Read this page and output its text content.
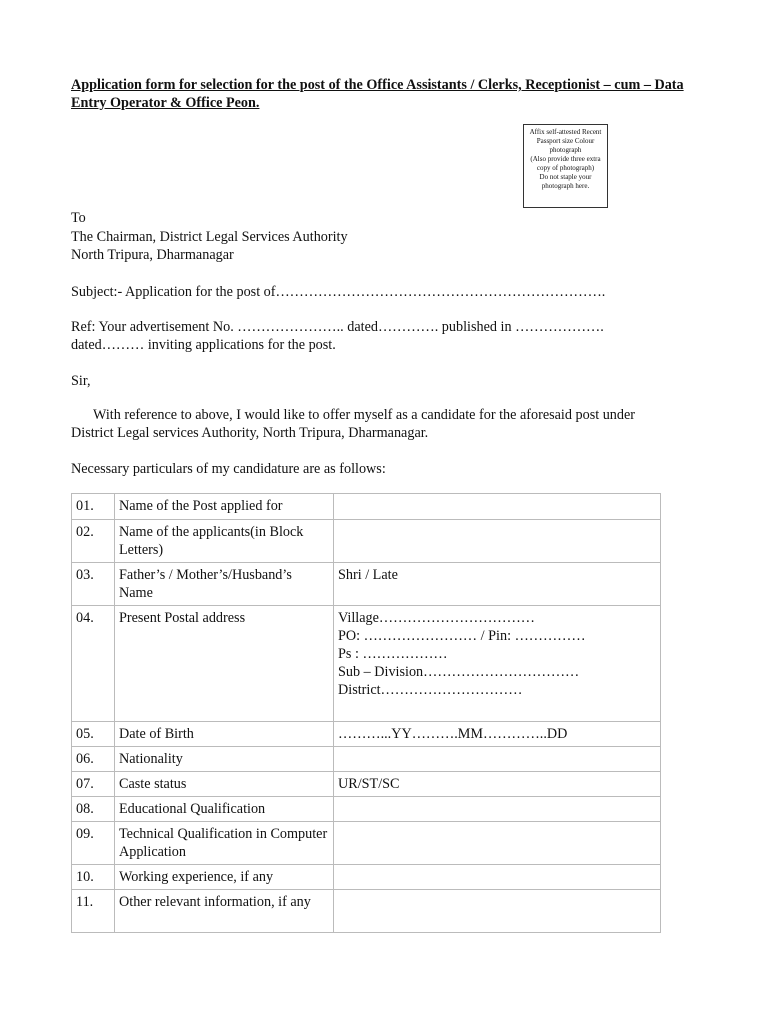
Application form for selection for the post of the Office Assistants / Clerks, Receptionist – cum – Data Entry Operator & Office Peon.
Affix self-attested Recent
Passport size Colour
photograph
(Also provide three extra
copy of photograph)
Do not staple your
photograph here.
To
The Chairman, District Legal Services Authority
North Tripura, Dharmanagar
Subject:- Application for the post of…………………………………………………………….
Ref: Your advertisement No. ………………….. dated…………. published in ……………….
dated……… inviting applications for the post.
Sir,
With reference to above, I would like to offer myself as a candidate for the aforesaid post under
District Legal services Authority, North Tripura, Dharmanagar.
Necessary particulars of my candidature are as follows:
01.	Name of the Post applied for	
02.	Name of the applicants(in Block Letters)	
03.	Father’s / Mother’s/Husband’s Name	Shri / Late
04.	Present Postal address	Village……………………………
PO: …………………… / Pin: ……………
Ps : ………………
Sub – Division……………………………
District…………………………

05.	Date of Birth	………...YY……….MM…………..DD
06.	Nationality	
07.	Caste status	UR/ST/SC
08.	Educational Qualification	
09.	Technical Qualification in Computer Application	
10.	Working experience, if any	
11.	Other relevant information, if any	
